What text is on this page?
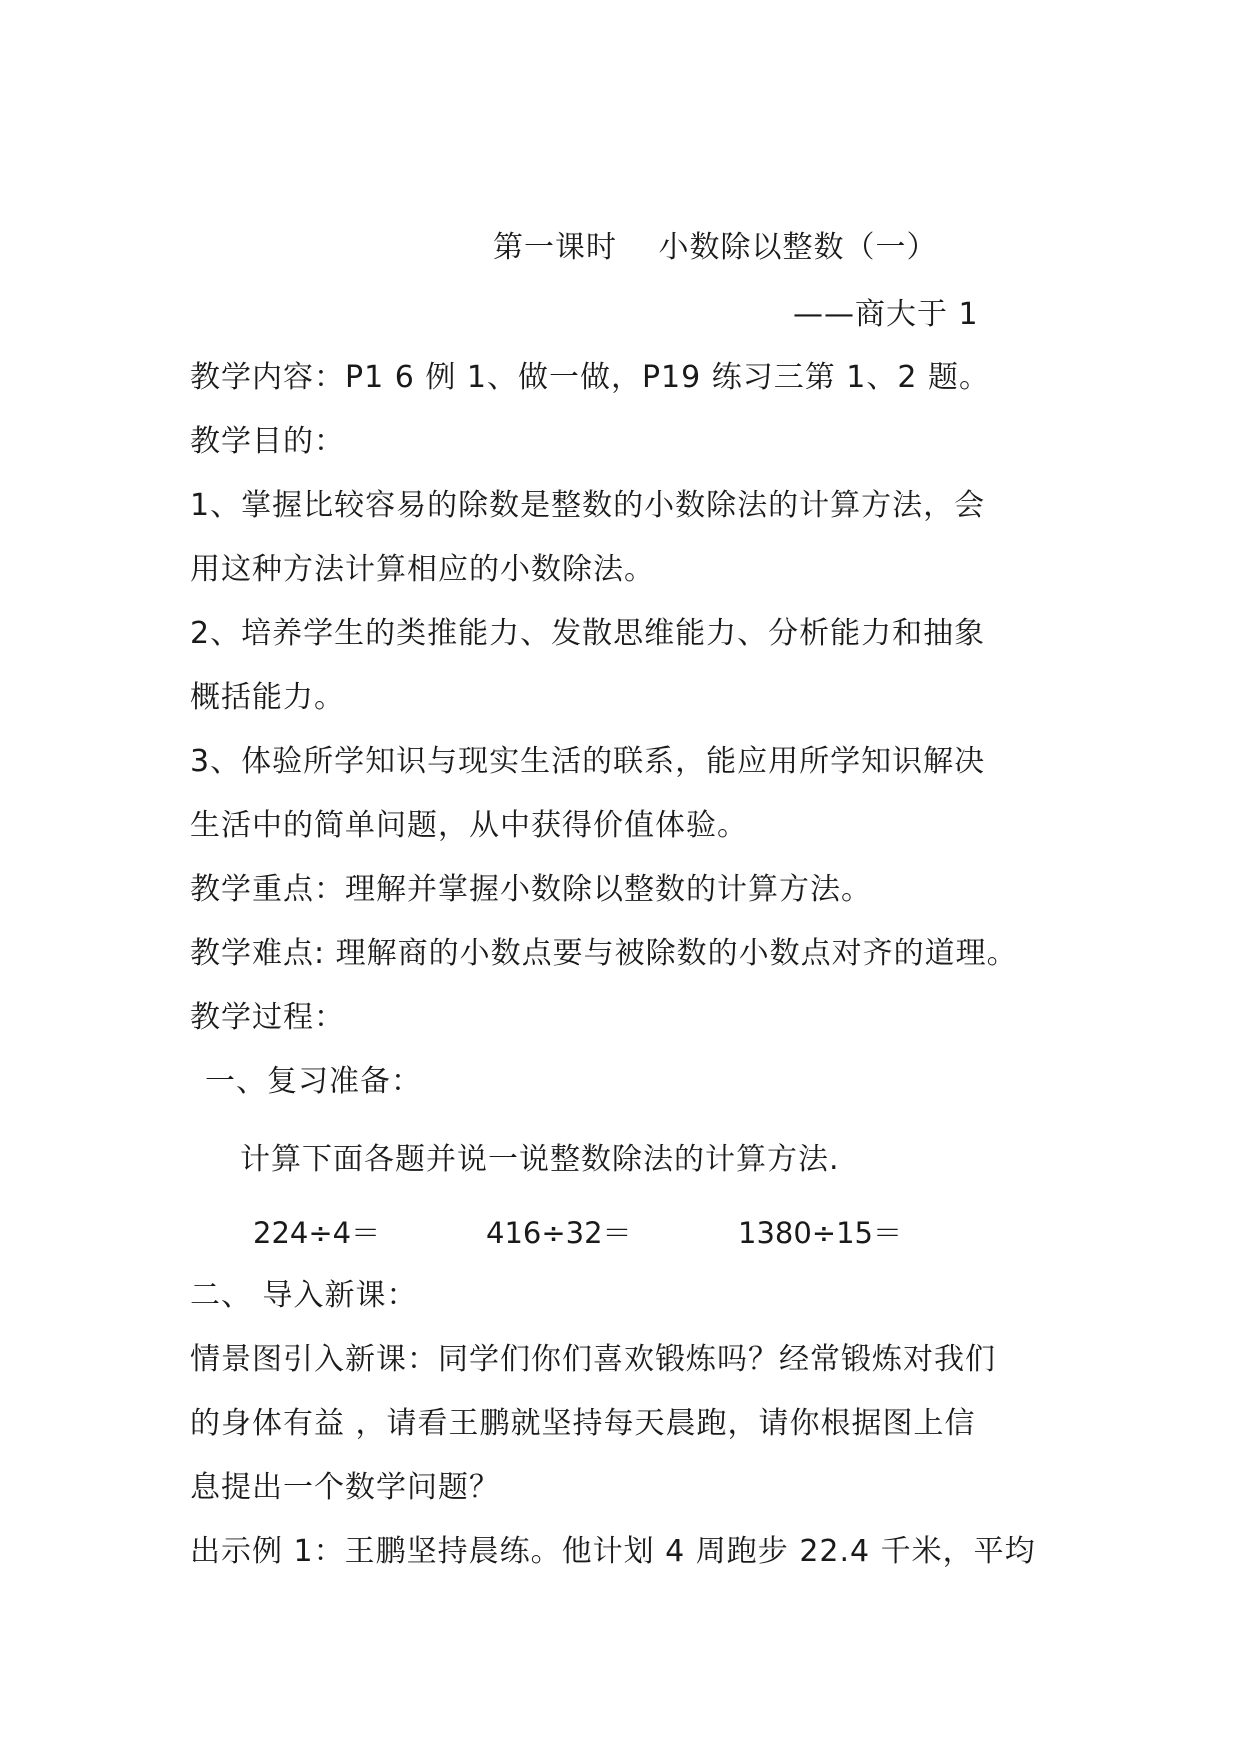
第一课时　 小数除以整数（一）
——商大于 1
教学内容：P1 6 例 1、做一做，P19 练习三第 1、2 题。
教学目的：
1、掌握比较容易的除数是整数的小数除法的计算方法，会
用这种方法计算相应的小数除法。
2、培养学生的类推能力、发散思维能力、分析能力和抽象
概括能力。
3、体验所学知识与现实生活的联系，能应用所学知识解决
生活中的简单问题，从中获得价值体验。
教学重点：理解并掌握小数除以整数的计算方法。
教学难点: 理解商的小数点要与被除数的小数点对齐的道理。
教学过程：
一、复习准备：
计算下面各题并说一说整数除法的计算方法.
224÷4＝	416÷32＝	1380÷15＝
二、 导入新课：
情景图引入新课：同学们你们喜欢锻炼吗？经常锻炼对我们
的身体有益 ，请看王鹏就坚持每天晨跑，请你根据图上信
息提出一个数学问题？
出示例 1：王鹏坚持晨练。他计划 4 周跑步 22.4 千米，平均
